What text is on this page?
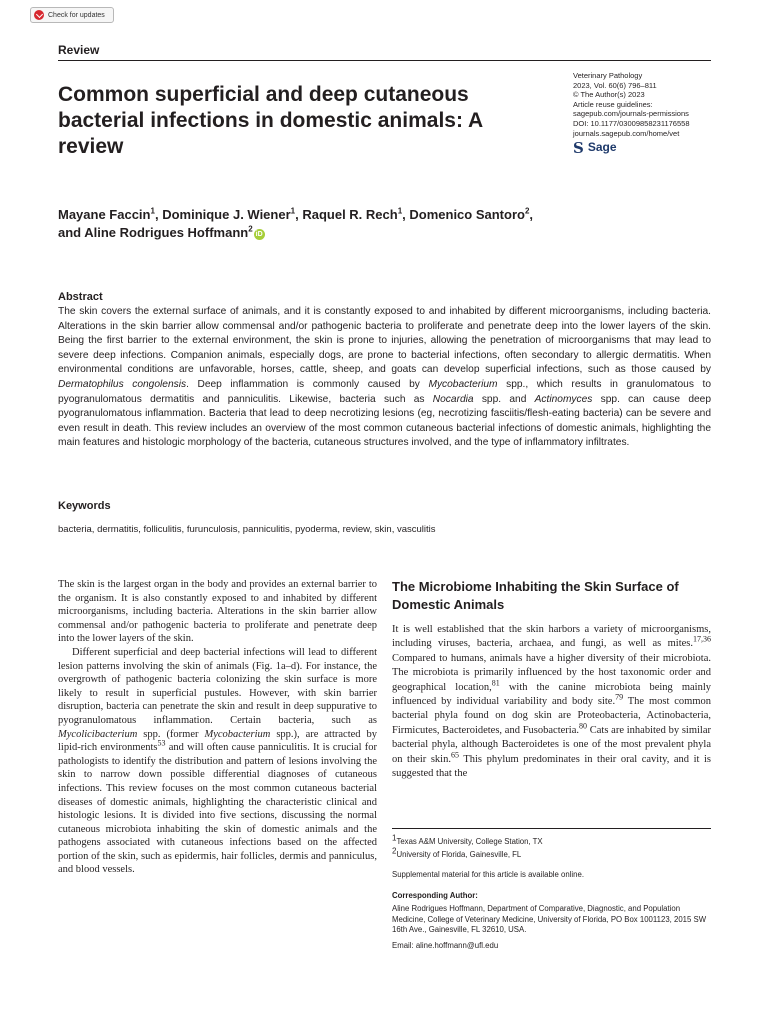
Check for updates
Review
Common superficial and deep cutaneous bacterial infections in domestic animals: A review
Veterinary Pathology
2023, Vol. 60(6) 796–811
© The Author(s) 2023
Article reuse guidelines:
sagepub.com/journals-permissions
DOI: 10.1177/03009858231176558
journals.sagepub.com/home/vet
S Sage
Mayane Faccin$^1$, Dominique J. Wiener$^1$, Raquel R. Rech$^1$, Domenico Santoro$^2$,
and Aline Rodrigues Hoffmann$^2$iD
Abstract

The skin covers the external surface of animals, and it is constantly exposed to and inhabited by different microorganisms, including bacteria. Alterations in the skin barrier allow commensal and/or pathogenic bacteria to proliferate and penetrate deep into the lower layers of the skin. Being the first barrier to the external environment, the skin is prone to injuries, allowing the penetration of microorganisms that may lead to severe deep infections. Companion animals, especially dogs, are prone to bacterial infections, often secondary to allergic dermatitis. When environmental conditions are unfavorable, horses, cattle, sheep, and goats can develop superficial infections, such as those caused by Dermatophilus congolensis. Deep inflammation is commonly caused by Mycobacterium spp., which results in granulomatous to pyogranulomatous dermatitis and panniculitis. Likewise, bacteria such as Nocardia spp. and Actinomyces spp. can cause deep pyogranulomatous inflammation. Bacteria that lead to deep necrotizing lesions (eg, necrotizing fasciitis/flesh-eating bacteria) can be severe and even result in death. This review includes an overview of the most common cutaneous bacterial infections of domestic animals, highlighting the main features and histologic morphology of the bacteria, cutaneous structures involved, and the type of inflammatory infiltrates.

Keywords

bacteria, dermatitis, folliculitis, furunculosis, panniculitis, pyoderma, review, skin, vasculitis

The skin is the largest organ in the body and provides an external barrier to the organism. It is also constantly exposed to and inhabited by different microorganisms, including bacteria. Alterations in the skin barrier allow commensal and/or pathogenic bacteria to proliferate and penetrate deep into the lower layers of the skin.

Different superficial and deep bacterial infections will lead to different lesion patterns involving the skin of animals (Fig. 1a–d). For instance, the overgrowth of pathogenic bacteria colonizing the skin surface is more likely to result in superficial pustules. However, with skin barrier disruption, bacteria can penetrate the skin and result in deep suppurative to pyogranulomatous inflammation. Certain bacteria, such as Mycolicibacterium spp. (former Mycobacterium spp.), are attracted by lipid-rich environments$^{53}$ and will often cause panniculitis. It is crucial for pathologists to identify the distribution and pattern of lesions involving the skin to narrow down possible differential diagnoses of cutaneous infections. This review focuses on the most common cutaneous bacterial diseases of domestic animals, highlighting the characteristic clinical and histologic lesions. It is divided into five sections, discussing the normal cutaneous microbiota inhabiting the skin of domestic animals and the pathogens associated with cutaneous infections based on the affected portion of the skin, such as epidermis, hair follicles, dermis and panniculus, and blood vessels.

The Microbiome Inhabiting the Skin Surface of Domestic Animals

It is well established that the skin harbors a variety of microorganisms, including viruses, bacteria, archaea, and fungi, as well as mites.$^{17,36}$ Compared to humans, animals have a higher diversity of their microbiota. The microbiota is primarily influenced by the host taxonomic order and geographical location,$^{81}$ with the canine microbiota being mainly influenced by individual variability and body site.$^{79}$ The most common bacterial phyla found on dog skin are Proteobacteria, Actinobacteria, Firmicutes, Bacteroidetes, and Fusobacteria.$^{80}$ Cats are inhabited by similar bacterial phyla, although Bacteroidetes is one of the most prevalent phyla on their skin.$^{65}$ This phylum predominates in their oral cavity, and it is suggested that the

$^1$Texas A&M University, College Station, TX
$^2$University of Florida, Gainesville, FL
Supplemental material for this article is available online.
Corresponding Author:
Aline Rodrigues Hoffmann, Department of Comparative, Diagnostic, and Population Medicine, College of Veterinary Medicine, University of Florida, PO Box 1001123, 2015 SW 16th Ave., Gainesville, FL 32610, USA.
Email: aline.hoffmann@ufl.edu
